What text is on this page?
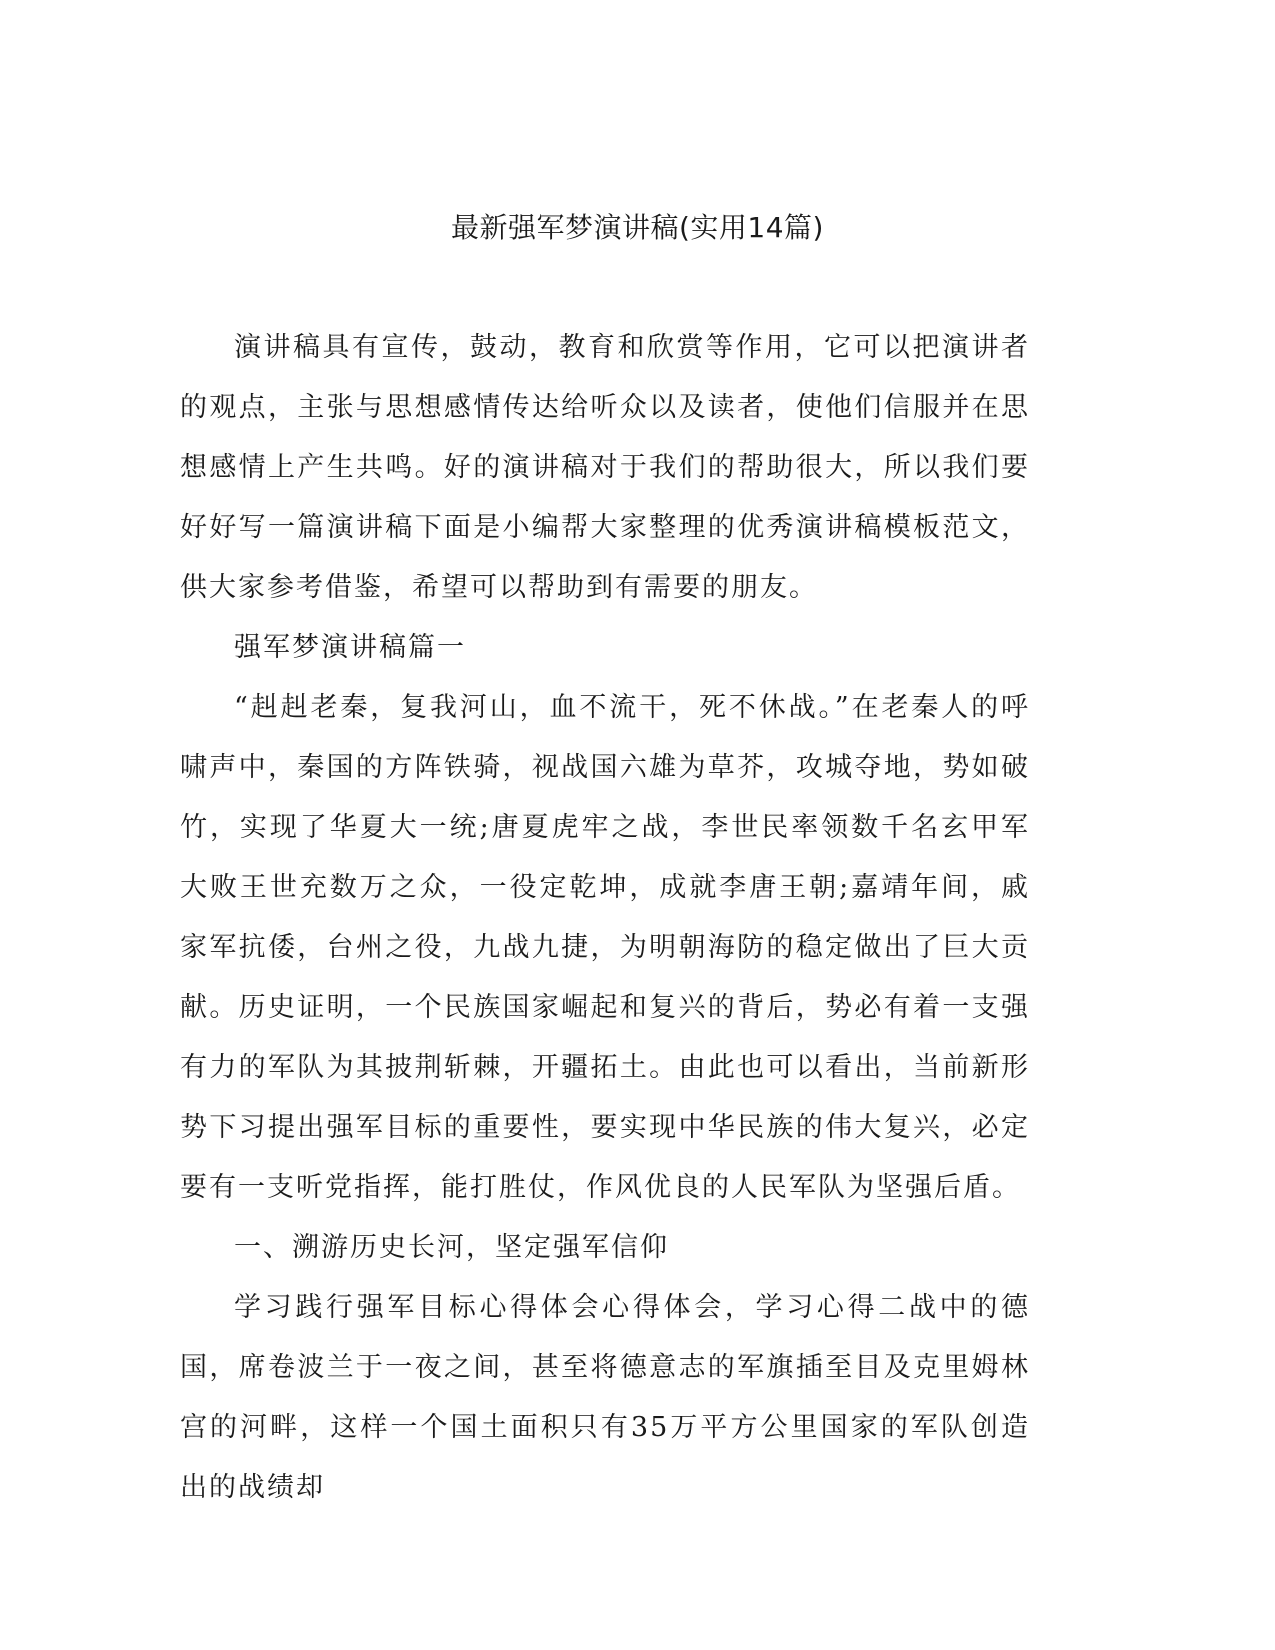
最新强军梦演讲稿(实用14篇)

演讲稿具有宣传，鼓动，教育和欣赏等作用，它可以把演讲者的观点，主张与思想感情传达给听众以及读者，使他们信服并在思想感情上产生共鸣。好的演讲稿对于我们的帮助很大，所以我们要好好写一篇演讲稿下面是小编帮大家整理的优秀演讲稿模板范文，供大家参考借鉴，希望可以帮助到有需要的朋友。

强军梦演讲稿篇一

“赳赳老秦，复我河山，血不流干，死不休战。”在老秦人的呼啸声中，秦国的方阵铁骑，视战国六雄为草芥，攻城夺地，势如破竹，实现了华夏大一统;唐夏虎牢之战，李世民率领数千名玄甲军大败王世充数万之众，一役定乾坤，成就李唐王朝;嘉靖年间，戚家军抗倭，台州之役，九战九捷，为明朝海防的稳定做出了巨大贡献。历史证明，一个民族国家崛起和复兴的背后，势必有着一支强有力的军队为其披荆斩棘，开疆拓土。由此也可以看出，当前新形势下习提出强军目标的重要性，要实现中华民族的伟大复兴，必定要有一支听党指挥，能打胜仗，作风优良的人民军队为坚强后盾。

一、溯游历史长河，坚定强军信仰

学习践行强军目标心得体会心得体会，学习心得二战中的德国，席卷波兰于一夜之间，甚至将德意志的军旗插至目及克里姆林宫的河畔，这样一个国土面积只有35万平方公里国家的军队创造出的战绩却
